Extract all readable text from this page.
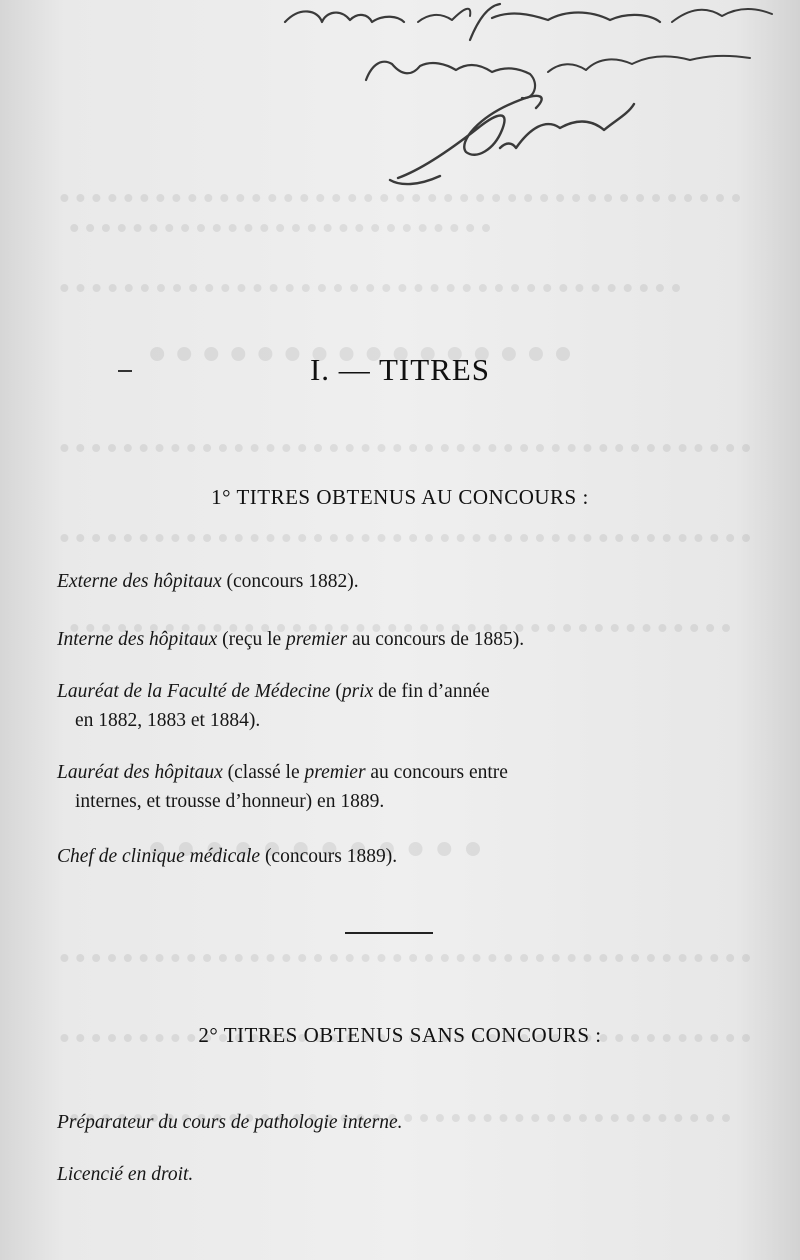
I. — TITRES
1° TITRES OBTENUS AU CONCOURS :
Externe des hôpitaux (concours 1882).
Interne des hôpitaux (reçu le premier au concours de 1885).
Lauréat de la Faculté de Médecine (prix de fin d’année
en 1882, 1883 et 1884).
Lauréat des hôpitaux (classé le premier au concours entre
internes, et trousse d’honneur) en 1889.
Chef de clinique médicale (concours 1889).
2° TITRES OBTENUS SANS CONCOURS :
Préparateur du cours de pathologie interne.
Licencié en droit.
